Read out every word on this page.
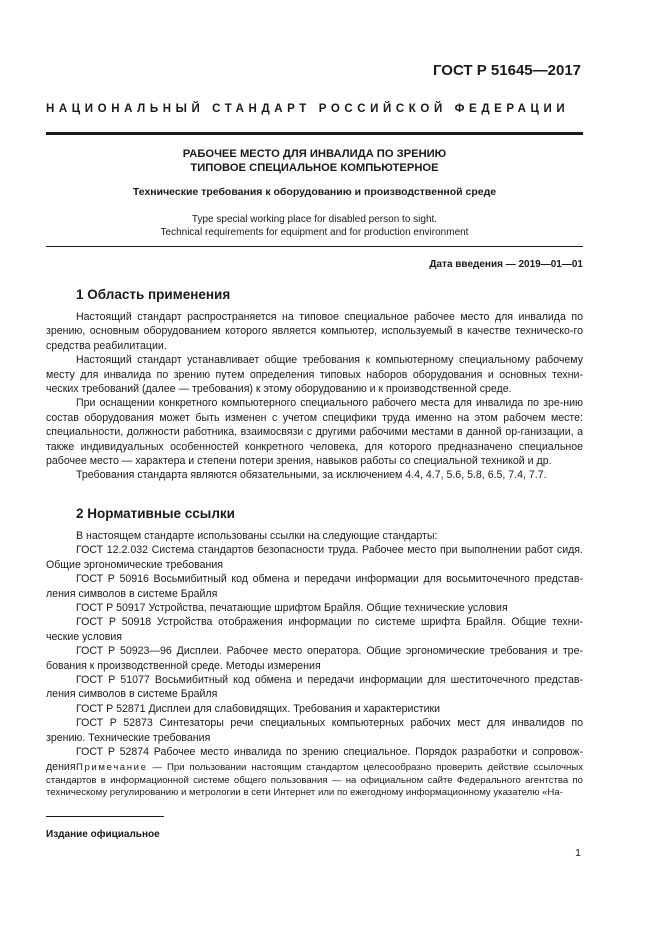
ГОСТ Р 51645—2017
НАЦИОНАЛЬНЫЙ СТАНДАРТ РОССИЙСКОЙ ФЕДЕРАЦИИ
РАБОЧЕЕ МЕСТО ДЛЯ ИНВАЛИДА ПО ЗРЕНИЮ
ТИПОВОЕ СПЕЦИАЛЬНОЕ КОМПЬЮТЕРНОЕ
Технические требования к оборудованию и производственной среде
Type special working place for disabled person to sight.
Technical requirements for equipment and for production environment
Дата введения — 2019—01—01
1 Область применения
Настоящий стандарт распространяется на типовое специальное рабочее место для инвалида по зрению, основным оборудованием которого является компьютер, используемый в качестве техническо-го средства реабилитации.
Настоящий стандарт устанавливает общие требования к компьютерному специальному рабочему месту для инвалида по зрению путем определения типовых наборов оборудования и основных техни-ческих требований (далее — требования) к этому оборудованию и к производственной среде.
При оснащении конкретного компьютерного специального рабочего места для инвалида по зре-нию состав оборудования может быть изменен с учетом специфики труда именно на этом рабочем месте: специальности, должности работника, взаимосвязи с другими рабочими местами в данной ор-ганизации, а также индивидуальных особенностей конкретного человека, для которого предназначено специальное рабочее место — характера и степени потери зрения, навыков работы со специальной техникой и др.
Требования стандарта являются обязательными, за исключением 4.4, 4.7, 5.6, 5.8, 6.5, 7.4, 7.7.
2 Нормативные ссылки
В настоящем стандарте использованы ссылки на следующие стандарты:
ГОСТ 12.2.032 Система стандартов безопасности труда. Рабочее место при выполнении работ сидя. Общие эргономические требования
ГОСТ Р 50916 Восьмибитный код обмена и передачи информации для восьмиточечного представ-ления символов в системе Брайля
ГОСТ Р 50917 Устройства, печатающие шрифтом Брайля. Общие технические условия
ГОСТ Р 50918 Устройства отображения информации по системе шрифта Брайля. Общие техни-ческие условия
ГОСТ Р 50923—96 Дисплеи. Рабочее место оператора. Общие эргономические требования и тре-бования к производственной среде. Методы измерения
ГОСТ Р 51077 Восьмибитный код обмена и передачи информации для шеститочечного представ-ления символов в системе Брайля
ГОСТ Р 52871 Дисплеи для слабовидящих. Требования и характеристики
ГОСТ Р 52873 Синтезаторы речи специальных компьютерных рабочих мест для инвалидов по зрению. Технические требования
ГОСТ Р 52874 Рабочее место инвалида по зрению специальное. Порядок разработки и сопровож-дения Примечание — При пользовании настоящим стандартом целесообразно проверить действие ссылочных стандартов в информационной системе общего пользования — на официальном сайте Федерального агентства по техническому регулированию и метрологии в сети Интернет или по ежегодному информационному указателю «На-
Издание официальное
1
